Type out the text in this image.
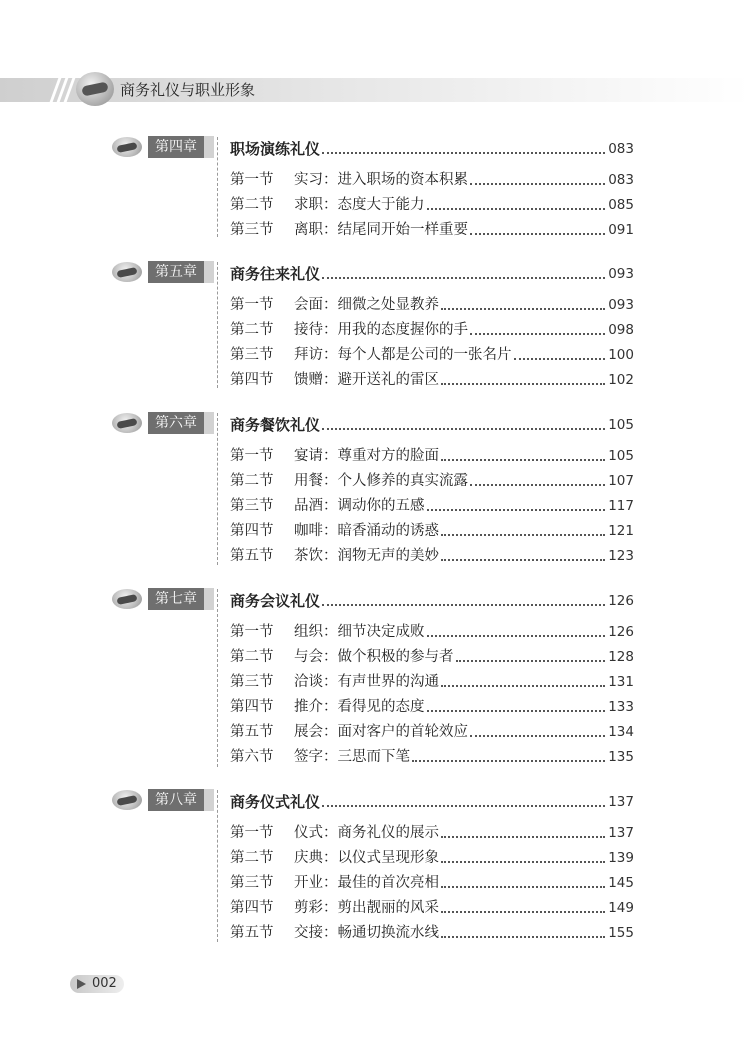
商务礼仪与职业形象
第四章	职场演练礼仪	083
第一节	实习：进入职场的资本积累	083
第二节	求职：态度大于能力	085
第三节	离职：结尾同开始一样重要	091
第五章	商务往来礼仪	093
第一节	会面：细微之处显教养	093
第二节	接待：用我的态度握你的手	098
第三节	拜访：每个人都是公司的一张名片	100
第四节	馈赠：避开送礼的雷区	102
第六章	商务餐饮礼仪	105
第一节	宴请：尊重对方的脸面	105
第二节	用餐：个人修养的真实流露	107
第三节	品酒：调动你的五感	117
第四节	咖啡：暗香涌动的诱惑	121
第五节	茶饮：润物无声的美妙	123
第七章	商务会议礼仪	126
第一节	组织：细节决定成败	126
第二节	与会：做个积极的参与者	128
第三节	洽谈：有声世界的沟通	131
第四节	推介：看得见的态度	133
第五节	展会：面对客户的首轮效应	134
第六节	签字：三思而下笔	135
第八章	商务仪式礼仪	137
第一节	仪式：商务礼仪的展示	137
第二节	庆典：以仪式呈现形象	139
第三节	开业：最佳的首次亮相	145
第四节	剪彩：剪出靓丽的风采	149
第五节	交接：畅通切换流水线	155
002
